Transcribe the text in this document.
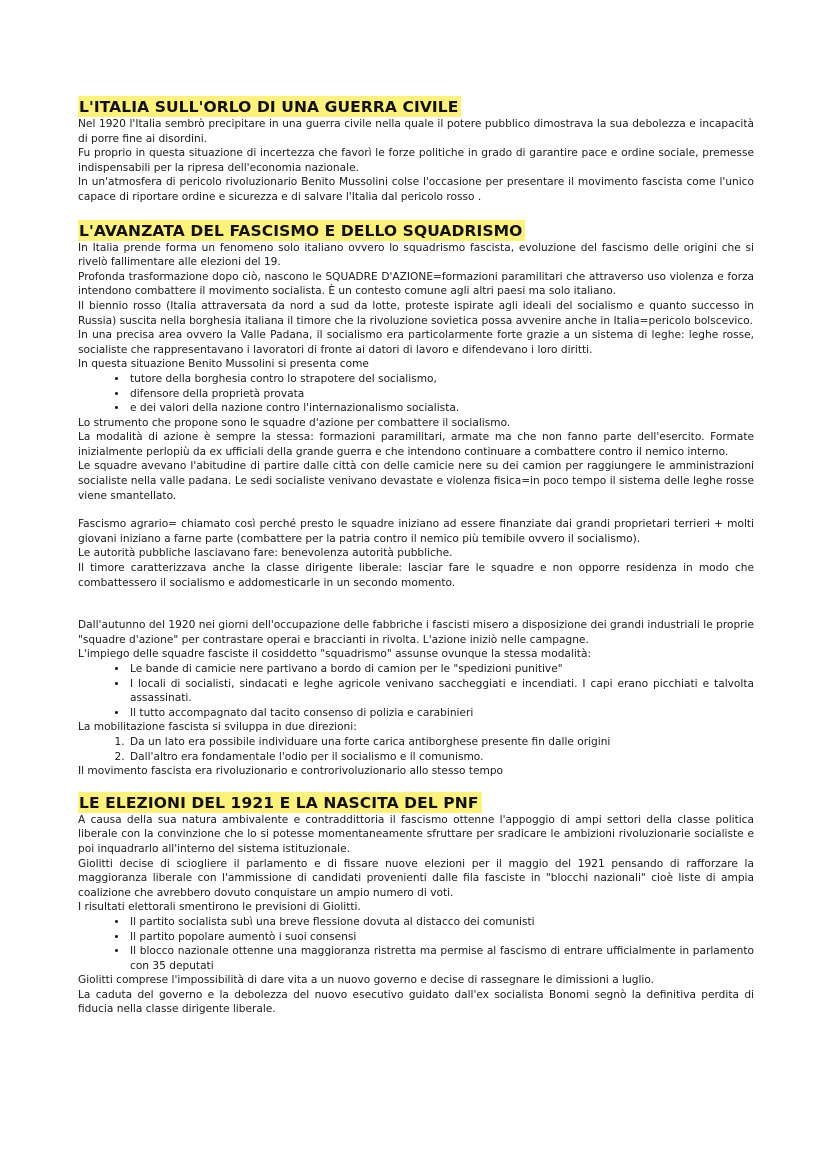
L'ITALIA SULL'ORLO DI UNA GUERRA CIVILE

Nel 1920 l'Italia sembrò precipitare in una guerra civile nella quale il potere pubblico dimostrava la sua debolezza e incapacità di porre fine ai disordini.

Fu proprio in questa situazione di incertezza che favorì le forze politiche in grado di garantire pace e ordine sociale, premesse indispensabili per la ripresa dell'economia nazionale.

In un'atmosfera di pericolo rivoluzionario Benito Mussolini colse l'occasione per presentare il movimento fascista come l'unico capace di riportare ordine e sicurezza e di salvare l'Italia dal pericolo rosso .

L'AVANZATA DEL FASCISMO E DELLO SQUADRISMO

In Italia prende forma un fenomeno solo italiano ovvero lo squadrismo fascista, evoluzione del fascismo delle origini che si rivelò fallimentare alle elezioni del 19.

Profonda trasformazione dopo ciò, nascono le SQUADRE D'AZIONE=formazioni paramilitari che attraverso uso violenza e forza intendono combattere il movimento socialista. È un contesto comune agli altri paesi ma solo italiano.

Il biennio rosso (Italia attraversata da nord a sud da lotte, proteste ispirate agli ideali del socialismo e quanto successo in Russia) suscita nella borghesia italiana il timore che la rivoluzione sovietica possa avvenire anche in Italia=pericolo bolscevico.

In una precisa area ovvero la Valle Padana, il socialismo era particolarmente forte grazie a un sistema di leghe: leghe rosse, socialiste che rappresentavano i lavoratori di fronte ai datori di lavoro e difendevano i loro diritti.

In questa situazione Benito Mussolini si presenta come

• tutore della borghesia contro lo strapotere del socialismo,
• difensore della proprietà provata
• e dei valori della nazione contro l'internazionalismo socialista.

Lo strumento che propone sono le squadre d'azione per combattere il socialismo.

La modalità di azione è sempre la stessa: formazioni paramilitari, armate ma che non fanno parte dell'esercito. Formate inizialmente perlopiù da ex ufficiali della grande guerra e che intendono continuare a combattere contro il nemico interno.

Le squadre avevano l'abitudine di partire dalle città con delle camicie nere su dei camion per raggiungere le amministrazioni socialiste nella valle padana. Le sedi socialiste venivano devastate e violenza fisica=in poco tempo il sistema delle leghe rosse viene smantellato.

Fascismo agrario= chiamato così perché presto le squadre iniziano ad essere finanziate dai grandi proprietari terrieri + molti giovani iniziano a farne parte (combattere per la patria contro il nemico più temibile ovvero il socialismo).

Le autorità pubbliche lasciavano fare: benevolenza autorità pubbliche.

Il timore caratterizzava anche la classe dirigente liberale: lasciar fare le squadre e non opporre residenza in modo che combattessero il socialismo e addomesticarle in un secondo momento.

Dall'autunno del 1920 nei giorni dell'occupazione delle fabbriche i fascisti misero a disposizione dei grandi industriali le proprie "squadre d'azione" per contrastare operai e braccianti in rivolta. L'azione iniziò nelle campagne.

L'impiego delle squadre fasciste il cosiddetto "squadrismo" assunse ovunque la stessa modalità:

• Le bande di camicie nere partivano a bordo di camion per le "spedizioni punitive"
• I locali di socialisti, sindacati e leghe agricole venivano saccheggiati e incendiati. I capi erano picchiati e talvolta assassinati.
• Il tutto accompagnato dal tacito consenso di polizia e carabinieri

La mobilitazione fascista si sviluppa in due direzioni:

1. Da un lato era possibile individuare una forte carica antiborghese presente fin dalle origini
2. Dall'altro era fondamentale l'odio per il socialismo e il comunismo.

Il movimento fascista era rivoluzionario e controrivoluzionario allo stesso tempo

LE ELEZIONI DEL 1921 E LA NASCITA DEL PNF

A causa della sua natura ambivalente e contraddittoria il fascismo ottenne l'appoggio di ampi settori della classe politica liberale con la convinzione che lo si potesse momentaneamente sfruttare per sradicare le ambizioni rivoluzionarie socialiste e poi inquadrarlo all'interno del sistema istituzionale.

Giolitti decise di sciogliere il parlamento e di fissare nuove elezioni per il maggio del 1921 pensando di rafforzare la maggioranza liberale con l'ammissione di candidati provenienti dalle fila fasciste in "blocchi nazionali" cioè liste di ampia coalizione che avrebbero dovuto conquistare un ampio numero di voti.

I risultati elettorali smentirono le previsioni di Giolitti.

• Il partito socialista subì una breve flessione dovuta al distacco dei comunisti
• Il partito popolare aumentò i suoi consensi
• Il blocco nazionale ottenne una maggioranza ristretta ma permise al fascismo di entrare ufficialmente in parlamento con 35 deputati

Giolitti comprese l'impossibilità di dare vita a un nuovo governo e decise di rassegnare le dimissioni a luglio.

La caduta del governo e la debolezza del nuovo esecutivo guidato dall'ex socialista Bonomi segnò la definitiva perdita di fiducia nella classe dirigente liberale.
